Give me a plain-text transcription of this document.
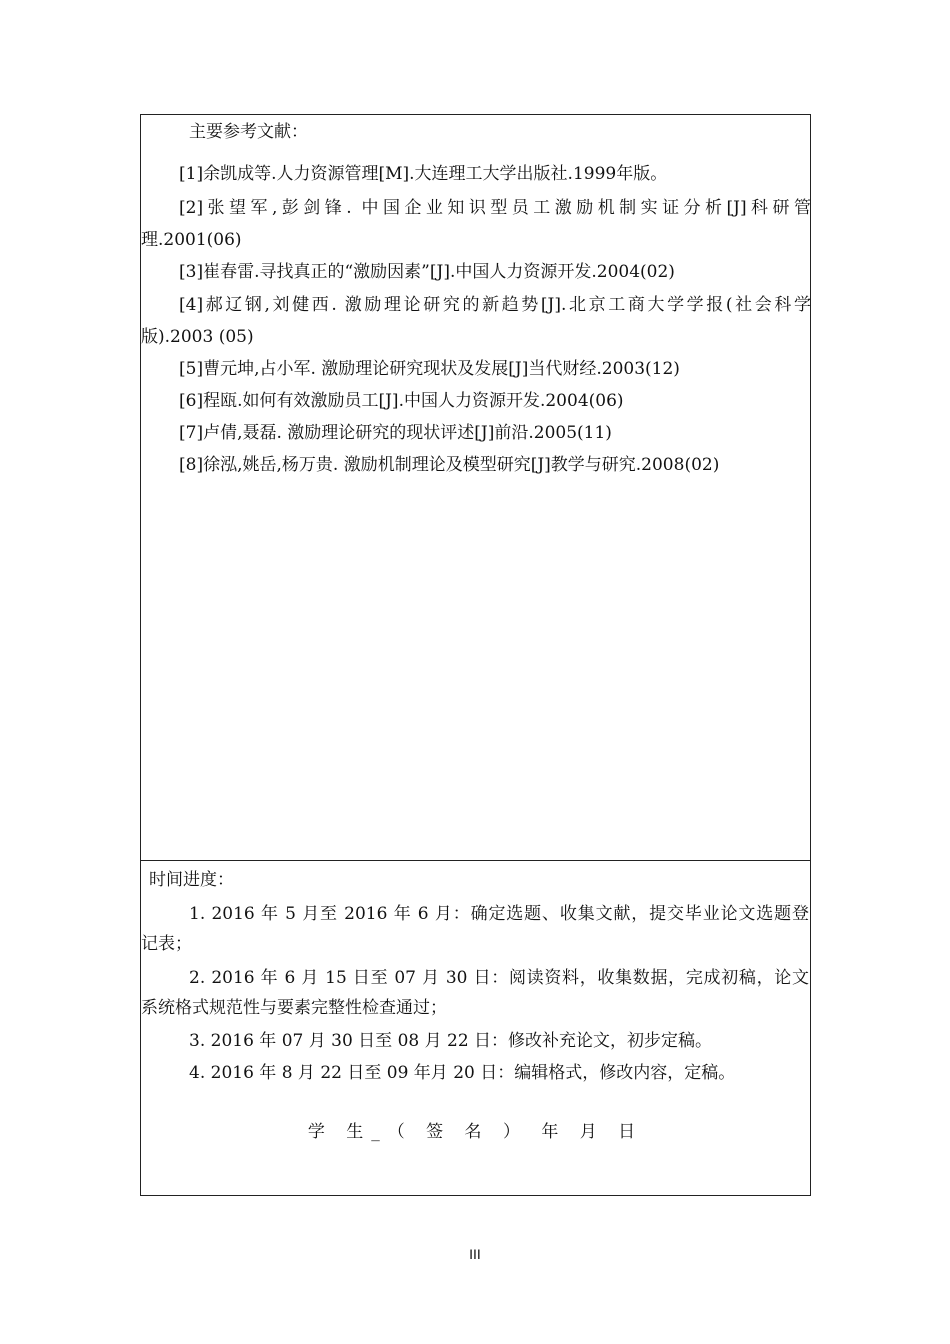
主要参考文献：
[1]余凯成等.人力资源管理[M].大连理工大学出版社.1999年版。
[2]张望军,彭剑锋. 中国企业知识型员工激励机制实证分析[J]科研管
理.2001(06)
[3]崔春雷.寻找真正的“激励因素”[J].中国人力资源开发.2004(02)
[4]郝辽钢,刘健西. 激励理论研究的新趋势[J].北京工商大学学报(社会科学
版).2003 (05)
[5]曹元坤,占小军. 激励理论研究现状及发展[J]当代财经.2003(12)
[6]程瓯.如何有效激励员工[J].中国人力资源开发.2004(06)
[7]卢倩,聂磊. 激励理论研究的现状评述[J]前沿.2005(11)
[8]徐泓,姚岳,杨万贵. 激励机制理论及模型研究[J]教学与研究.2008(02)
时间进度：
1. 2016 年 5 月至 2016 年 6 月：确定选题、收集文献，提交毕业论文选题登
记表；
2. 2016 年 6 月 15 日至 07 月 30 日：阅读资料，收集数据，完成初稿，论文
系统格式规范性与要素完整性检查通过；
3. 2016 年 07 月 30 日至 08 月 22 日：修改补充论文，初步定稿。
4. 2016 年 8 月 22 日至 09 年月 20 日：编辑格式，修改内容，定稿。
学 生_（ 签 名 ） 年 月 日
III
